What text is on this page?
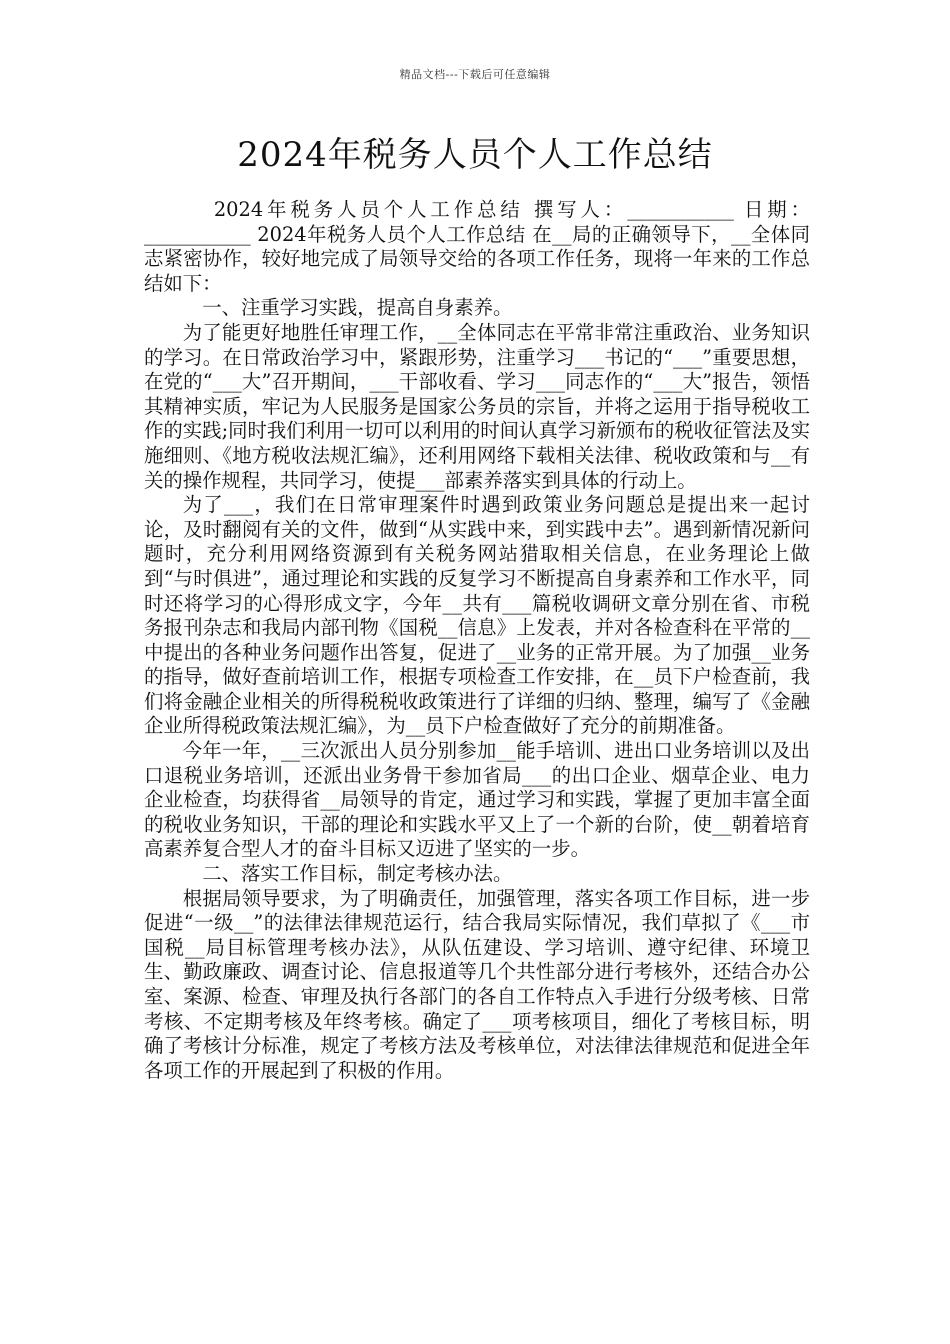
精品文档---下载后可任意编辑
2024年税务人员个人工作总结

2024年税务人员个人工作总结 撰写人：___________ 日期：___________ 2024年税务人员个人工作总结 在__局的正确领导下，__全体同志紧密协作，较好地完成了局领导交给的各项工作任务，现将一年来的工作总结如下：

一、注重学习实践，提高自身素养。

为了能更好地胜任审理工作，__全体同志在平常非常注重政治、业务知识的学习。在日常政治学习中，紧跟形势，注重学习___书记的“___”重要思想，在党的“___大”召开期间，___干部收看、学习___同志作的“___大”报告，领悟其精神实质，牢记为人民服务是国家公务员的宗旨，并将之运用于指导税收工作的实践;同时我们利用一切可以利用的时间认真学习新颁布的税收征管法及实施细则、《地方税收法规汇编》，还利用网络下载相关法律、税收政策和与__有关的操作规程，共同学习，使提___部素养落实到具体的行动上。

为了___，我们在日常审理案件时遇到政策业务问题总是提出来一起讨论，及时翻阅有关的文件，做到“从实践中来，到实践中去”。遇到新情况新问题时，充分利用网络资源到有关税务网站猎取相关信息，在业务理论上做到“与时俱进”，通过理论和实践的反复学习不断提高自身素养和工作水平，同时还将学习的心得形成文字，今年__共有___篇税收调研文章分别在省、市税务报刊杂志和我局内部刊物《国税__信息》上发表，并对各检查科在平常的__中提出的各种业务问题作出答复，促进了__业务的正常开展。为了加强__业务的指导，做好查前培训工作，根据专项检查工作安排，在__员下户检查前，我们将金融企业相关的所得税税收政策进行了详细的归纳、整理，编写了《金融企业所得税政策法规汇编》，为__员下户检查做好了充分的前期准备。

今年一年，__三次派出人员分别参加__能手培训、进出口业务培训以及出口退税业务培训，还派出业务骨干参加省局___的出口企业、烟草企业、电力企业检查，均获得省__局领导的肯定，通过学习和实践，掌握了更加丰富全面的税收业务知识，干部的理论和实践水平又上了一个新的台阶，使__朝着培育高素养复合型人才的奋斗目标又迈进了坚实的一步。

二、落实工作目标，制定考核办法。

根据局领导要求，为了明确责任，加强管理，落实各项工作目标，进一步促进“一级__”的法律法律规范运行，结合我局实际情况，我们草拟了《___市国税__局目标管理考核办法》，从队伍建设、学习培训、遵守纪律、环境卫生、勤政廉政、调查讨论、信息报道等几个共性部分进行考核外，还结合办公室、案源、检查、审理及执行各部门的各自工作特点入手进行分级考核、日常考核、不定期考核及年终考核。确定了___项考核项目，细化了考核目标，明确了考核计分标准，规定了考核方法及考核单位，对法律法律规范和促进全年各项工作的开展起到了积极的作用。
